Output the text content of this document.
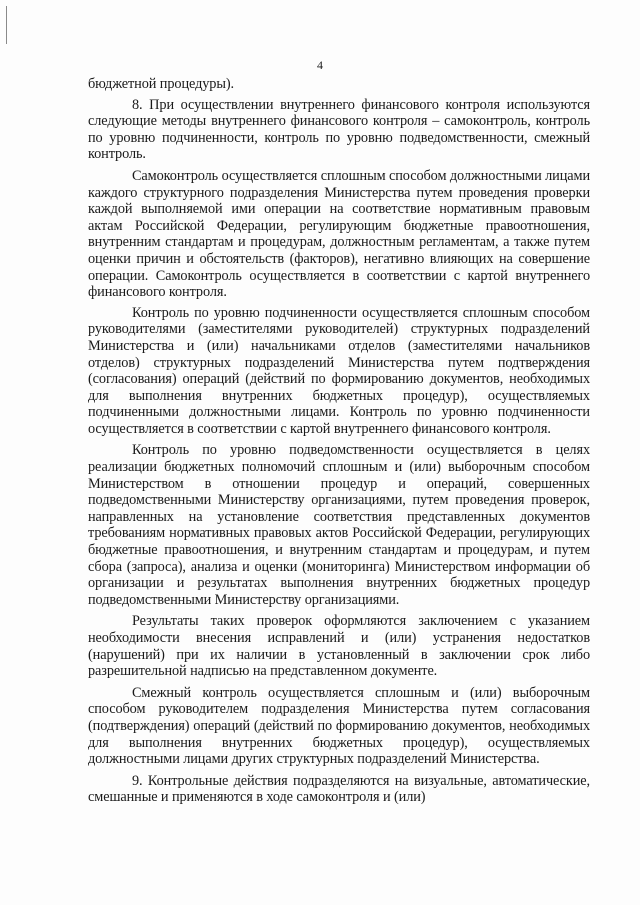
4

бюджетной процедуры).

8. При осуществлении внутреннего финансового контроля используются следующие методы внутреннего финансового контроля – самоконтроль, контроль по уровню подчиненности, контроль по уровню подведомственности, смежный контроль.

Самоконтроль осуществляется сплошным способом должностными лицами каждого структурного подразделения Министерства путем проведения проверки каждой выполняемой ими операции на соответствие нормативным правовым актам Российской Федерации, регулирующим бюджетные правоотношения, внутренним стандартам и процедурам, должностным регламентам, а также путем оценки причин и обстоятельств (факторов), негативно влияющих на совершение операции. Самоконтроль осуществляется в соответствии с картой внутреннего финансового контроля.

Контроль по уровню подчиненности осуществляется сплошным способом руководителями (заместителями руководителей) структурных подразделений Министерства и (или) начальниками отделов (заместителями начальников отделов) структурных подразделений Министерства путем подтверждения (согласования) операций (действий по формированию документов, необходимых для выполнения внутренних бюджетных процедур), осуществляемых подчиненными должностными лицами. Контроль по уровню подчиненности осуществляется в соответствии с картой внутреннего финансового контроля.

Контроль по уровню подведомственности осуществляется в целях реализации бюджетных полномочий сплошным и (или) выборочным способом Министерством в отношении процедур и операций, совершенных подведомственными Министерству организациями, путем проведения проверок, направленных на установление соответствия представленных документов требованиям нормативных правовых актов Российской Федерации, регулирующих бюджетные правоотношения, и внутренним стандартам и процедурам, и путем сбора (запроса), анализа и оценки (мониторинга) Министерством информации об организации и результатах выполнения внутренних бюджетных процедур подведомственными Министерству организациями.

Результаты таких проверок оформляются заключением с указанием необходимости внесения исправлений и (или) устранения недостатков (нарушений) при их наличии в установленный в заключении срок либо разрешительной надписью на представленном документе.

Смежный контроль осуществляется сплошным и (или) выборочным способом руководителем подразделения Министерства путем согласования (подтверждения) операций (действий по формированию документов, необходимых для выполнения внутренних бюджетных процедур), осуществляемых должностными лицами других структурных подразделений Министерства.

9. Контрольные действия подразделяются на визуальные, автоматические, смешанные и применяются в ходе самоконтроля и (или)
